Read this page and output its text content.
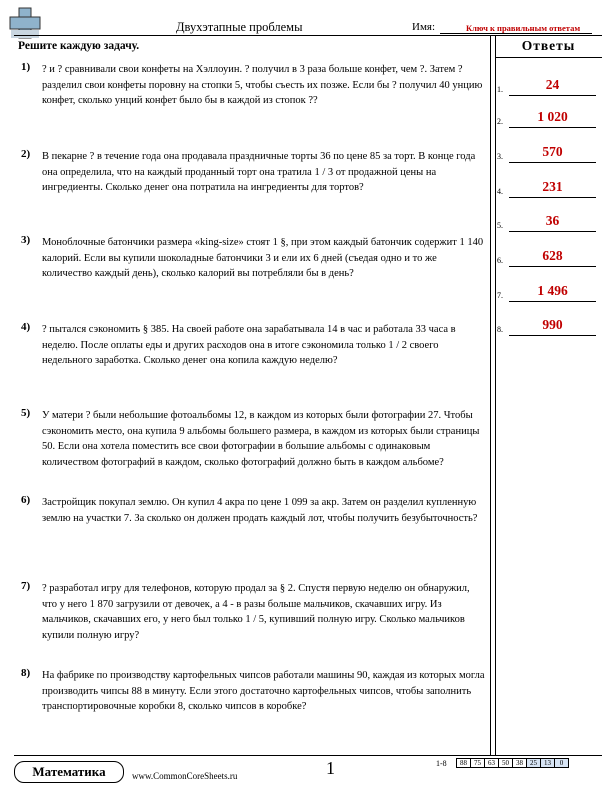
Двухэтапные проблемы	Имя:	Ключ к правильным ответам
Решите каждую задачу.	Ответы
1.	24
2.	1 020
3.	570
4.	231
5.	36
6.	628
7.	1 496
8.	990
1) ? и ? сравнивали свои конфеты на Хэллоуин. ? получил в 3 раза больше конфет, чем ?. Затем ? разделил свои конфеты поровну на стопки 5, чтобы съесть их позже. Если бы ? получил 40 унцию конфет, сколько унций конфет было бы в каждой из стопок ??
2) В пекарне ? в течение года она продавала праздничные торты 36 по цене 85 за торт. В конце года она определила, что на каждый проданный торт она тратила 1 / 3 от продажной цены на ингредиенты. Сколько денег она потратила на ингредиенты для тортов?
3) Моноблочные батончики размера «king-size» стоят 1 §, при этом каждый батончик содержит 1 140 калорий. Если вы купили шоколадные батончики 3 и ели их 6 дней (съедая одно и то же количество каждый день), сколько калорий вы потребляли бы в день?
4) ? пытался сэкономить § 385. На своей работе она зарабатывала 14 в час и работала 33 часа в неделю. После оплаты еды и других расходов она в итоге сэкономила только 1 / 2 своего недельного заработка. Сколько денег она копила каждую неделю?
5) У матери ? были небольшие фотоальбомы 12, в каждом из которых были фотографии 27. Чтобы сэкономить место, она купила 9 альбомы большего размера, в каждом из которых были страницы 50. Если она хотела поместить все свои фотографии в большие альбомы с одинаковым количеством фотографий в каждом, сколько фотографий должно быть в каждом альбоме?
6) Застройщик покупал землю. Он купил 4 акра по цене 1 099 за акр. Затем он разделил купленную землю на участки 7. За сколько он должен продать каждый лот, чтобы получить безубыточность?
7) ? разработал игру для телефонов, которую продал за § 2. Спустя первую неделю он обнаружил, что у него 1 870 загрузили от девочек, а 4 - в разы больше мальчиков, скачавших игру. Из мальчиков, скачавших его, у него был только 1 / 5, купивший полную игру. Сколько мальчиков купили полную игру?
8) На фабрике по производству картофельных чипсов работали машины 90, каждая из которых могла производить чипсы 88 в минуту. Если этого достаточно картофельных чипсов, чтобы заполнить транспортировочные коробки 8, сколько чипсов в коробке?
Математика	www.CommonCoreSheets.ru	1	1-8 88	75	63	50	38	25	13	0
